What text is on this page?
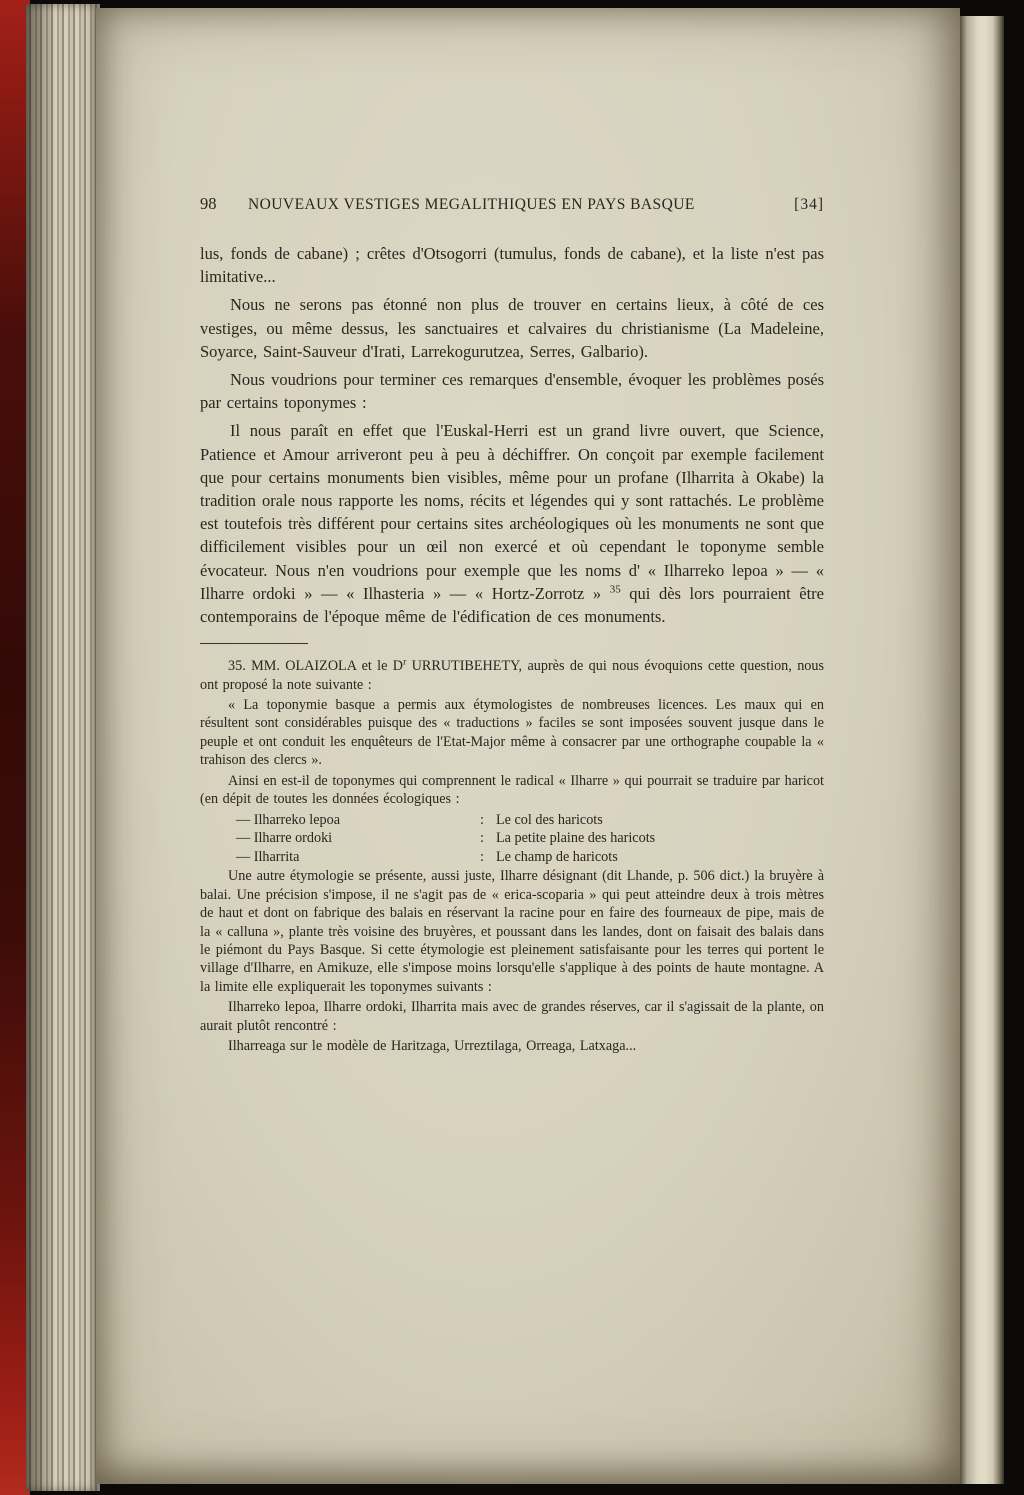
98	NOUVEAUX VESTIGES MEGALITHIQUES EN PAYS BASQUE	[34]

lus, fonds de cabane) ; crêtes d'Otsogorri (tumulus, fonds de cabane), et la liste n'est pas limitative...

Nous ne serons pas étonné non plus de trouver en certains lieux, à côté de ces vestiges, ou même dessus, les sanctuaires et calvaires du christianisme (La Madeleine, Soyarce, Saint-Sauveur d'Irati, Larrekogurutzea, Serres, Galbario).

Nous voudrions pour terminer ces remarques d'ensemble, évoquer les problèmes posés par certains toponymes :

Il nous paraît en effet que l'Euskal-Herri est un grand livre ouvert, que Science, Patience et Amour arriveront peu à peu à déchiffrer. On conçoit par exemple facilement que pour certains monuments bien visibles, même pour un profane (Ilharrita à Okabe) la tradition orale nous rapporte les noms, récits et légendes qui y sont rattachés. Le problème est toutefois très différent pour certains sites archéologiques où les monuments ne sont que difficilement visibles pour un œil non exercé et où cependant le toponyme semble évocateur. Nous n'en voudrions pour exemple que les noms d' « Ilharreko lepoa » — « Ilharre ordoki » — « Ilhasteria » — « Hortz-Zorrotz » $^{35}$ qui dès lors pourraient être contemporains de l'époque même de l'édification de ces monuments.

35. MM. OLAIZOLA et le $D^r$ URRUTIBEHETY, auprès de qui nous évoquions cette question, nous ont proposé la note suivante :

« La toponymie basque a permis aux étymologistes de nombreuses licences. Les maux qui en résultent sont considérables puisque des « traductions » faciles se sont imposées souvent jusque dans le peuple et ont conduit les enquêteurs de l'Etat-Major même à consacrer par une orthographe coupable la « trahison des clercs ».

Ainsi en est-il de toponymes qui comprennent le radical « Ilharre » qui pourrait se traduire par haricot (en dépit de toutes les données écologiques :

— Ilharreko lepoa	: Le col des haricots
— Ilharre ordoki	: La petite plaine des haricots
— Ilharrita	: Le champ de haricots

Une autre étymologie se présente, aussi juste, Ilharre désignant (dit Lhande, p. 506 dict.) la bruyère à balai. Une précision s'impose, il ne s'agit pas de « erica-scoparia » qui peut atteindre deux à trois mètres de haut et dont on fabrique des balais en réservant la racine pour en faire des fourneaux de pipe, mais de la « calluna », plante très voisine des bruyères, et poussant dans les landes, dont on faisait des balais dans le piémont du Pays Basque. Si cette étymologie est pleinement satisfaisante pour les terres qui portent le village d'Ilharre, en Amikuze, elle s'impose moins lorsqu'elle s'applique à des points de haute montagne. A la limite elle expliquerait les toponymes suivants :

Ilharreko lepoa, Ilharre ordoki, Ilharrita mais avec de grandes réserves, car il s'agissait de la plante, on aurait plutôt rencontré :

Ilharreaga sur le modèle de Haritzaga, Urreztilaga, Orreaga, Latxaga...
